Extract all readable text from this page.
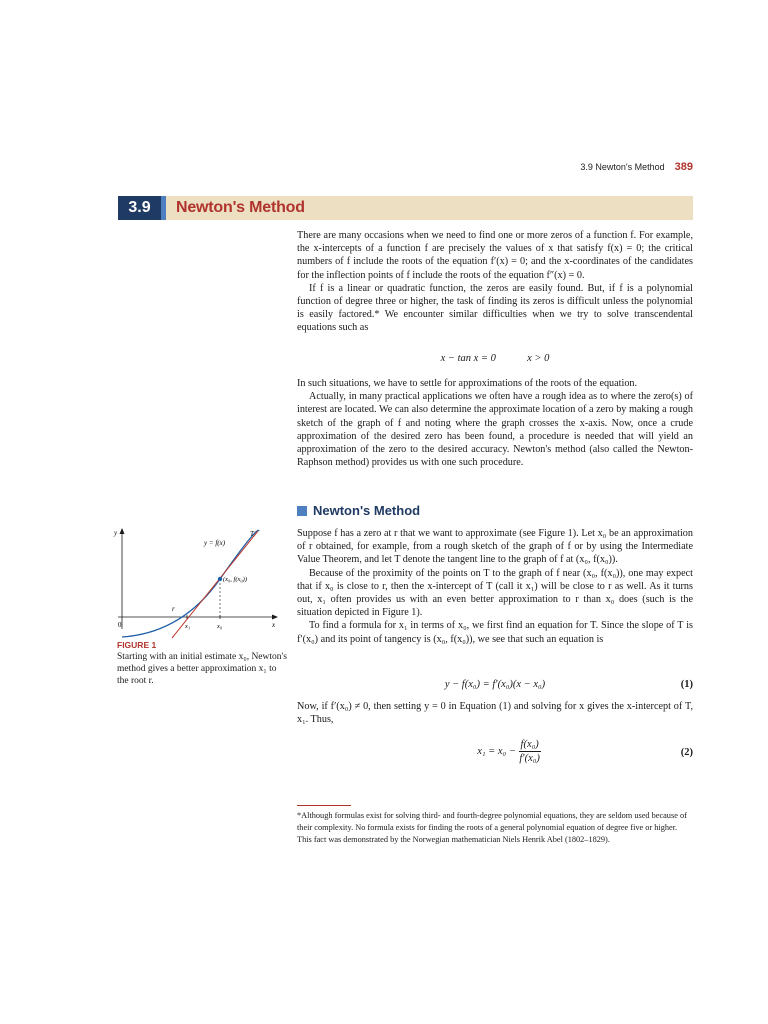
3.9 Newton's Method 389
3.9	Newton's Method

There are many occasions when we need to find one or more zeros of a function f. For example, the x-intercepts of a function f are precisely the values of x that satisfy f(x) = 0; the critical numbers of f include the roots of the equation f′(x) = 0; and the x-coordinates of the candidates for the inflection points of f include the roots of the equation f″(x) = 0.

If f is a linear or quadratic function, the zeros are easily found. But, if f is a polynomial function of degree three or higher, the task of finding its zeros is difficult unless the polynomial is easily factored.* We encounter similar difficulties when we try to solve transcendental equations such as

x − tan x = 0	x > 0

In such situations, we have to settle for approximations of the roots of the equation.

Actually, in many practical applications we often have a rough idea as to where the zero(s) of interest are located. We can also determine the approximate location of a zero by making a rough sketch of the graph of f and noting where the graph crosses the x-axis. Now, once a crude approximation of the desired zero has been found, a procedure is needed that will yield an approximation of the zero to the desired accuracy. Newton's method (also called the Newton-Raphson method) provides us with one such procedure.

Newton's Method
y
x
0
y = f(x)
T
(x₀, f(x₀))
r
x₁	x₀
FIGURE 1
Starting with an initial estimate x₀, Newton's method gives a better approximation x₁ to the root r.

Suppose f has a zero at r that we want to approximate (see Figure 1). Let x₀ be an approximation of r obtained, for example, from a rough sketch of the graph of f or by using the Intermediate Value Theorem, and let T denote the tangent line to the graph of f at (x₀, f(x₀)).

Because of the proximity of the points on T to the graph of f near (x₀, f(x₀)), one may expect that if x₀ is close to r, then the x-intercept of T (call it x₁) will be close to r as well. As it turns out, x₁ often provides us with an even better approximation to r than x₀ does (such is the situation depicted in Figure 1).

To find a formula for x₁ in terms of x₀, we first find an equation for T. Since the slope of T is f′(x₀) and its point of tangency is (x₀, f(x₀)), we see that such an equation is

y − f(x₀) = f′(x₀)(x − x₀)	(1)

Now, if f′(x₀) ≠ 0, then setting y = 0 in Equation (1) and solving for x gives the x-intercept of T, x₁. Thus,

$x_1 = x_0 - \frac{\text{f(x₀)}}{\text{f′(x₀)}}$	(2)
*Although formulas exist for solving third- and fourth-degree polynomial equations, they are seldom used because of their complexity. No formula exists for finding the roots of a general polynomial equation of degree five or higher. This fact was demonstrated by the Norwegian mathematician Niels Henrik Abel (1802–1829).
